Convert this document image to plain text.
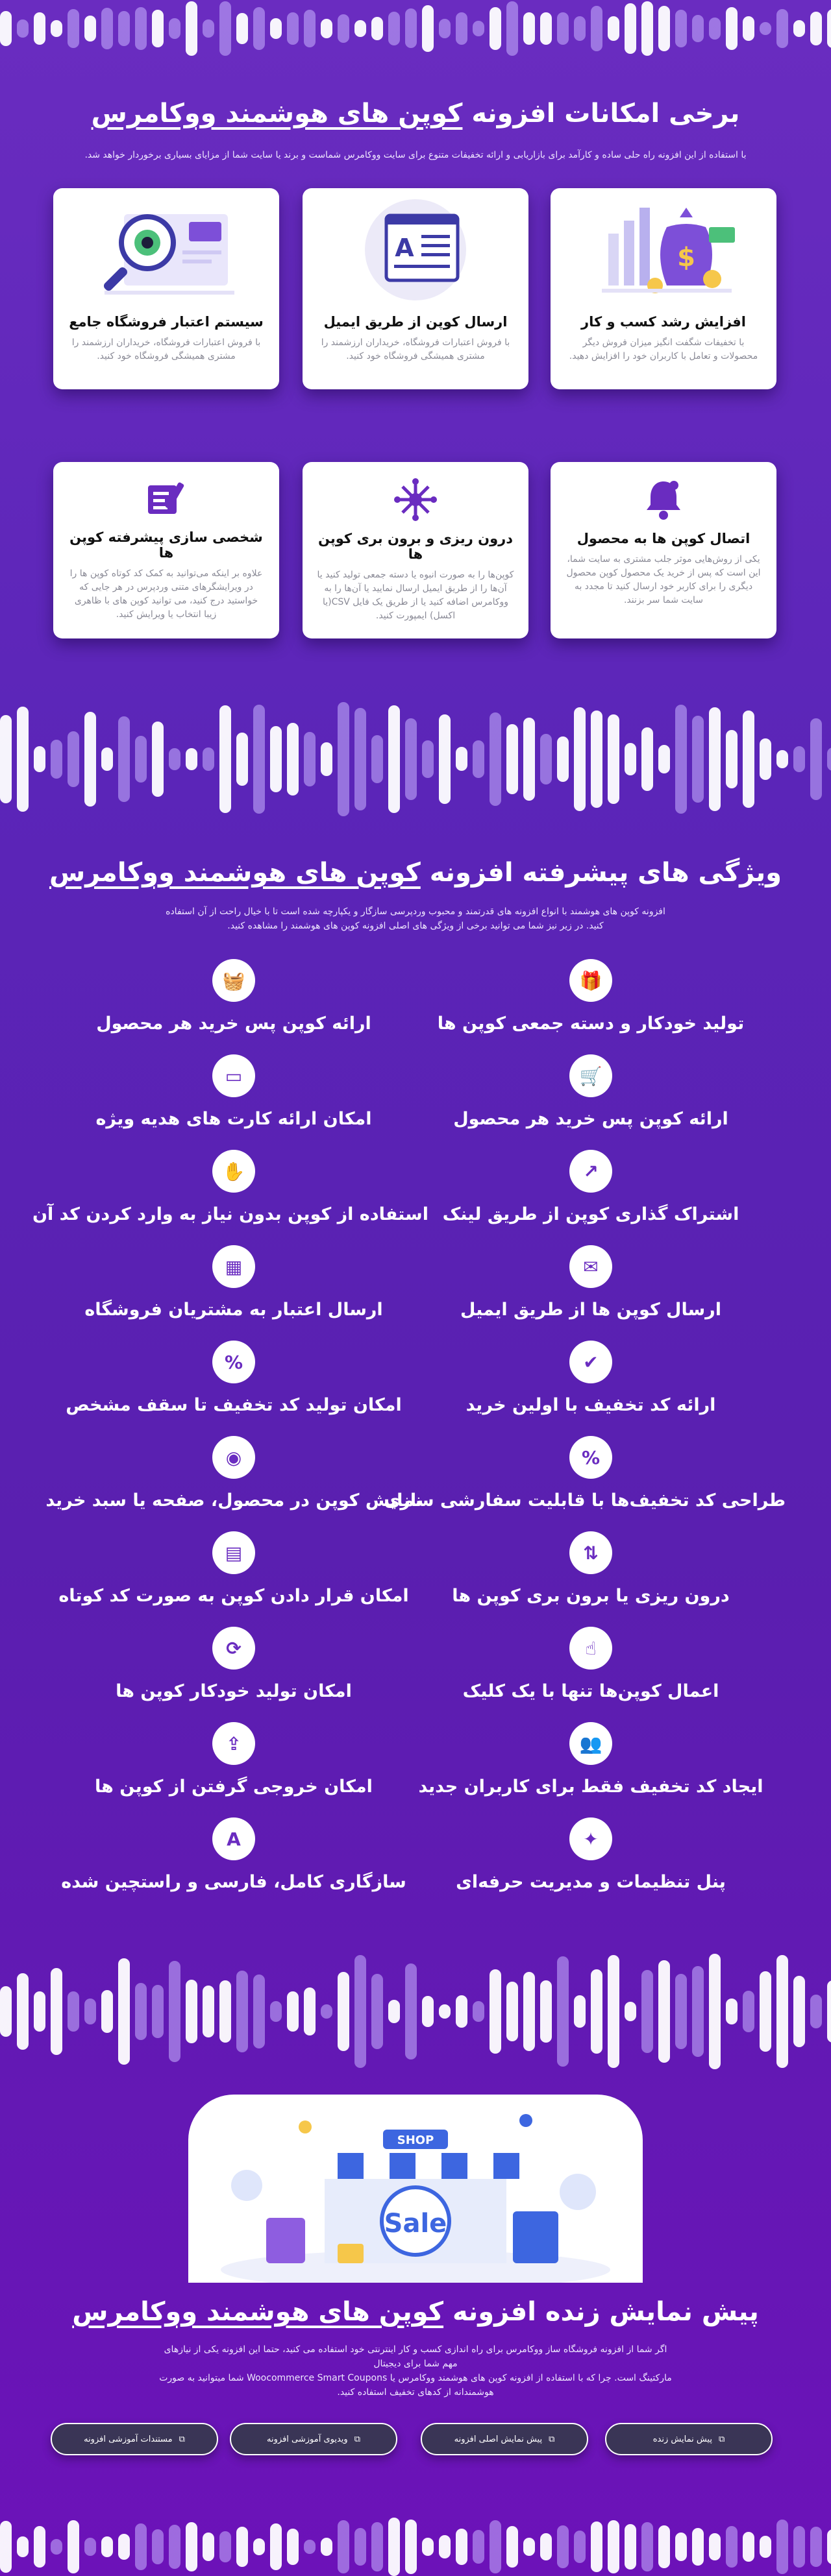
برخی امکانات افزونه کوپن های هوشمند ووکامرس
با استفاده از این افزونه راه حلی ساده و کارآمد برای بازاریابی و ارائه تخفیفات متنوع برای سایت ووکامرس شماست و برند یا سایت شما از مزایای بسیاری برخوردار خواهد شد.
$
افزایش رشد کسب و کار
با تخفیفات شگفت انگیز میزان فروش دیگر محصولات و تعامل با کاربران خود را افزایش دهید.
A
ارسال کوپن از طریق ایمیل
با فروش اعتبارات فروشگاه، خریداران ارزشمند را مشتری همیشگی فروشگاه خود کنید.
سیستم اعتبار فروشگاه جامع
با فروش اعتبارات فروشگاه، خریداران ارزشمند را مشتری همیشگی فروشگاه خود کنید.
اتصال کوپن ها به محصول
یکی از روش‌هایی موثر جلب مشتری به سایت شما، این است که پس از خرید یک محصول کوپن محصول دیگری را برای کاربر خود ارسال کنید تا مجدد به سایت شما سر بزنند.
درون ریزی و برون بری کوپن ها
کوپن‌ها را به صورت انبوه یا دسته جمعی تولید کنید یا آن‌ها را از طریق ایمیل ارسال نمایید یا آن‌ها را به ووکامرس اضافه کنید یا از طریق یک فایل CSV(یا اکسل) ایمپورت کنید.
شخصی سازی پیشرفته کوپن ها
علاوه بر اینکه می‌توانید به کمک کد کوتاه کوپن ها را در ویرایشگرهای متنی وردپرس در هر جایی که خواستید درج کنید، می توانید کوپن های با ظاهری زیبا انتخاب یا ویرایش کنید.
ویژگی های پیشرفته افزونه کوپن های هوشمند ووکامرس
افزونه کوپن های هوشمند با انواع افزونه های قدرتمند و محبوب وردپرسی سازگار و یکپارچه شده است تا با خیال راحت از آن استفاده کنید. در زیر نیز شما می توانید برخی از ویژگی های اصلی افزونه کوپن های هوشمند را مشاهده کنید.
🎁
تولید خودکار و دسته جمعی کوپن ها
🧺
ارائه کوپن پس خرید هر محصول
🛒
ارائه کوپن پس خرید هر محصول
▭
امکان ارائه کارت های هدیه ویژه
↗
اشتراک گذاری کوپن از طریق لینک
✋
استفاده از کوپن بدون نیاز به وارد کردن کد آن
✉
ارسال کوپن ها از طریق ایمیل
▦
ارسال اعتبار به مشتریان فروشگاه
✔
ارائه کد تخفیف با اولین خرید
%
امکان تولید کد تخفیف تا سقف مشخص
%
طراحی کد تخفیف‌ها با قابلیت سفارشی سازی
◉
نمایش کوپن در محصول، صفحه یا سبد خرید
⇅
درون ریزی یا برون بری کوپن ها
▤
امکان قرار دادن کوپن به صورت کد کوتاه
☝
اعمال کوپن‌ها تنها با یک کلیک
⟳
امکان تولید خودکار کوپن ها
👥
ایجاد کد تخفیف فقط برای کاربران جدید
⇪
امکان خروجی گرفتن از کوپن ها
✦
پنل تنظیمات و مدیریت حرفه‌ای
A
سازگاری کامل، فارسی و راستچین شده
SHOP
Sale
پیش نمایش زنده افزونه کوپن های هوشمند ووکامرس
اگر شما از افزونه فروشگاه ساز ووکامرس برای راه اندازی کسب و کار اینترنتی خود استفاده می کنید، حتما این افزونه یکی از نیازهای مهم شما برای دیجیتال
مارکتینگ است. چرا که با استفاده از افزونه کوپن های هوشمند ووکامرس یا Woocommerce Smart Coupons شما میتوانید به صورت هوشمندانه از کدهای تخفیف استفاده کنید.
⧉
پیش نمایش زنده
⧉
پیش نمایش اصلی افزونه
⧉
ویدیوی آموزشی افزونه
⧉
مستندات آموزشی افزونه
